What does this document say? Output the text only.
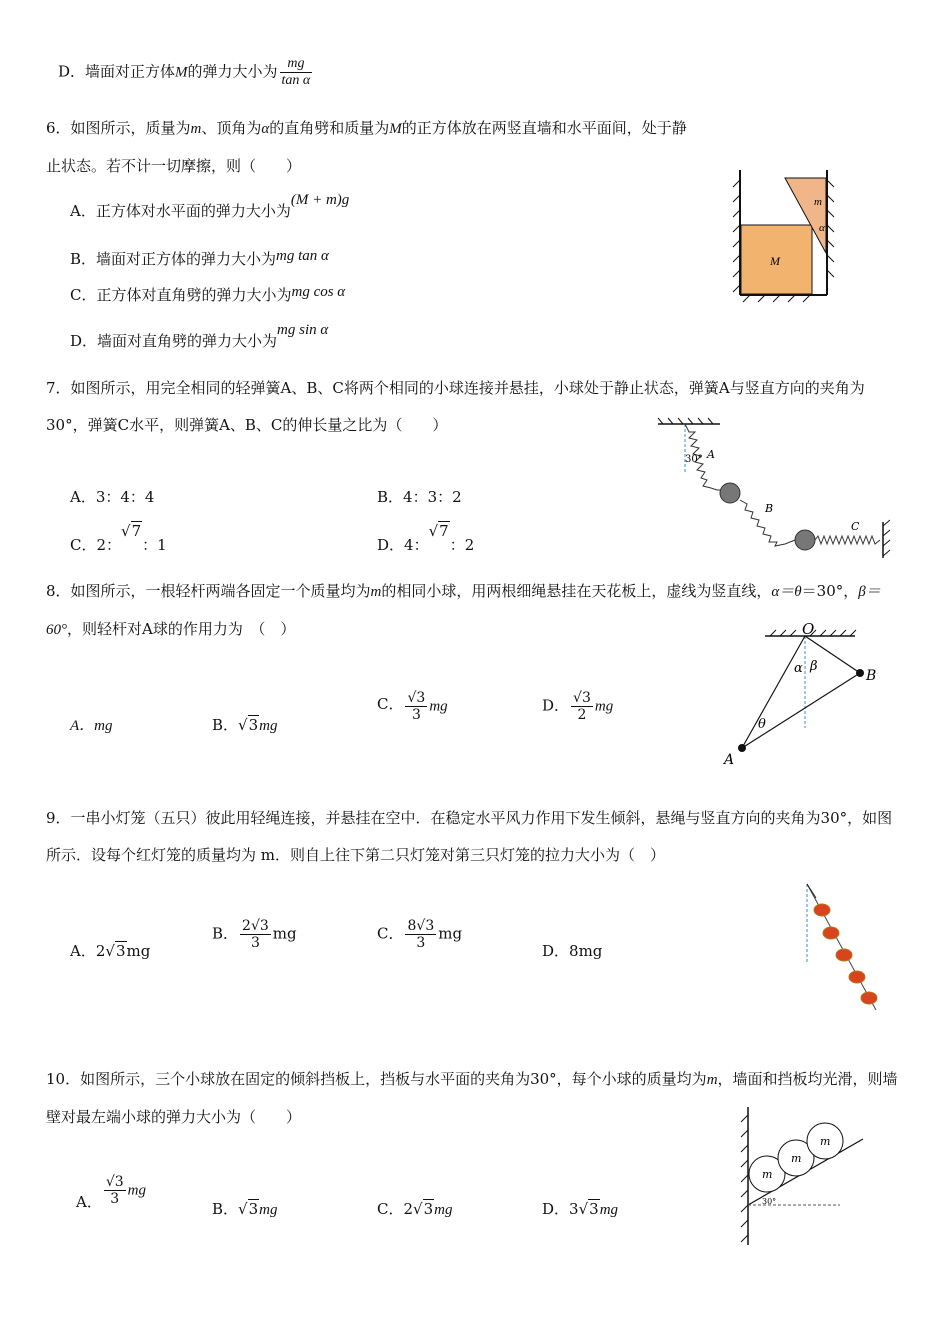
D．墙面对正方体M的弹力大小为 $\frac{mg}{\text{tan α}}$
6．如图所示，质量为m、顶角为α的直角劈和质量为M的正方体放在两竖直墙和水平面间，处于静止状态。若不计一切摩擦，则（　　）
A．正方体对水平面的弹力大小为(M + m)g
B．墙面对正方体的弹力大小为mg tan α
C．正方体对直角劈的弹力大小为mg cos α
D．墙面对直角劈的弹力大小为mg sin α
m
α
M
7．如图所示，用完全相同的轻弹簧A、B、C将两个相同的小球连接并悬挂，小球处于静止状态，弹簧A与竖直方向的夹角为30°，弹簧C水平，则弹簧A、B、C的伸长量之比为（　　）
A．3：4：4	B．4：3：2
C．2：√7：1	D．4：√7：2
30° A
B
C
8．如图所示，一根轻杆两端各固定一个质量均为m的相同小球，用两根细绳悬挂在天花板上，虚线为竖直线，α＝θ＝30°，β＝60°，则轻杆对A球的作用力为　（　）
A．mg	B．√3mg
C． $\frac{√3}{3}$ mg	D． $\frac{√3}{2}$ mg
O
α β
θ
B
A
9．一串小灯笼（五只）彼此用轻绳连接，并悬挂在空中．在稳定水平风力作用下发生倾斜，悬绳与竖直方向的夹角为30°，如图所示．设每个红灯笼的质量均为 m．则自上往下第二只灯笼对第三只灯笼的拉力大小为（　）
A．2√3mg
B． $\frac{2√3}{3}$ mg	C． $\frac{8√3}{3}$ mg
D．8mg
10．如图所示，三个小球放在固定的倾斜挡板上，挡板与水平面的夹角为30°，每个小球的质量均为m，墙面和挡板均光滑，则墙壁对最左端小球的弹力大小为（　　）
A． $\frac{√3}{3}$ mg
B．√3mg	C．2√3mg	D．3√3mg
m
m
m
30°
